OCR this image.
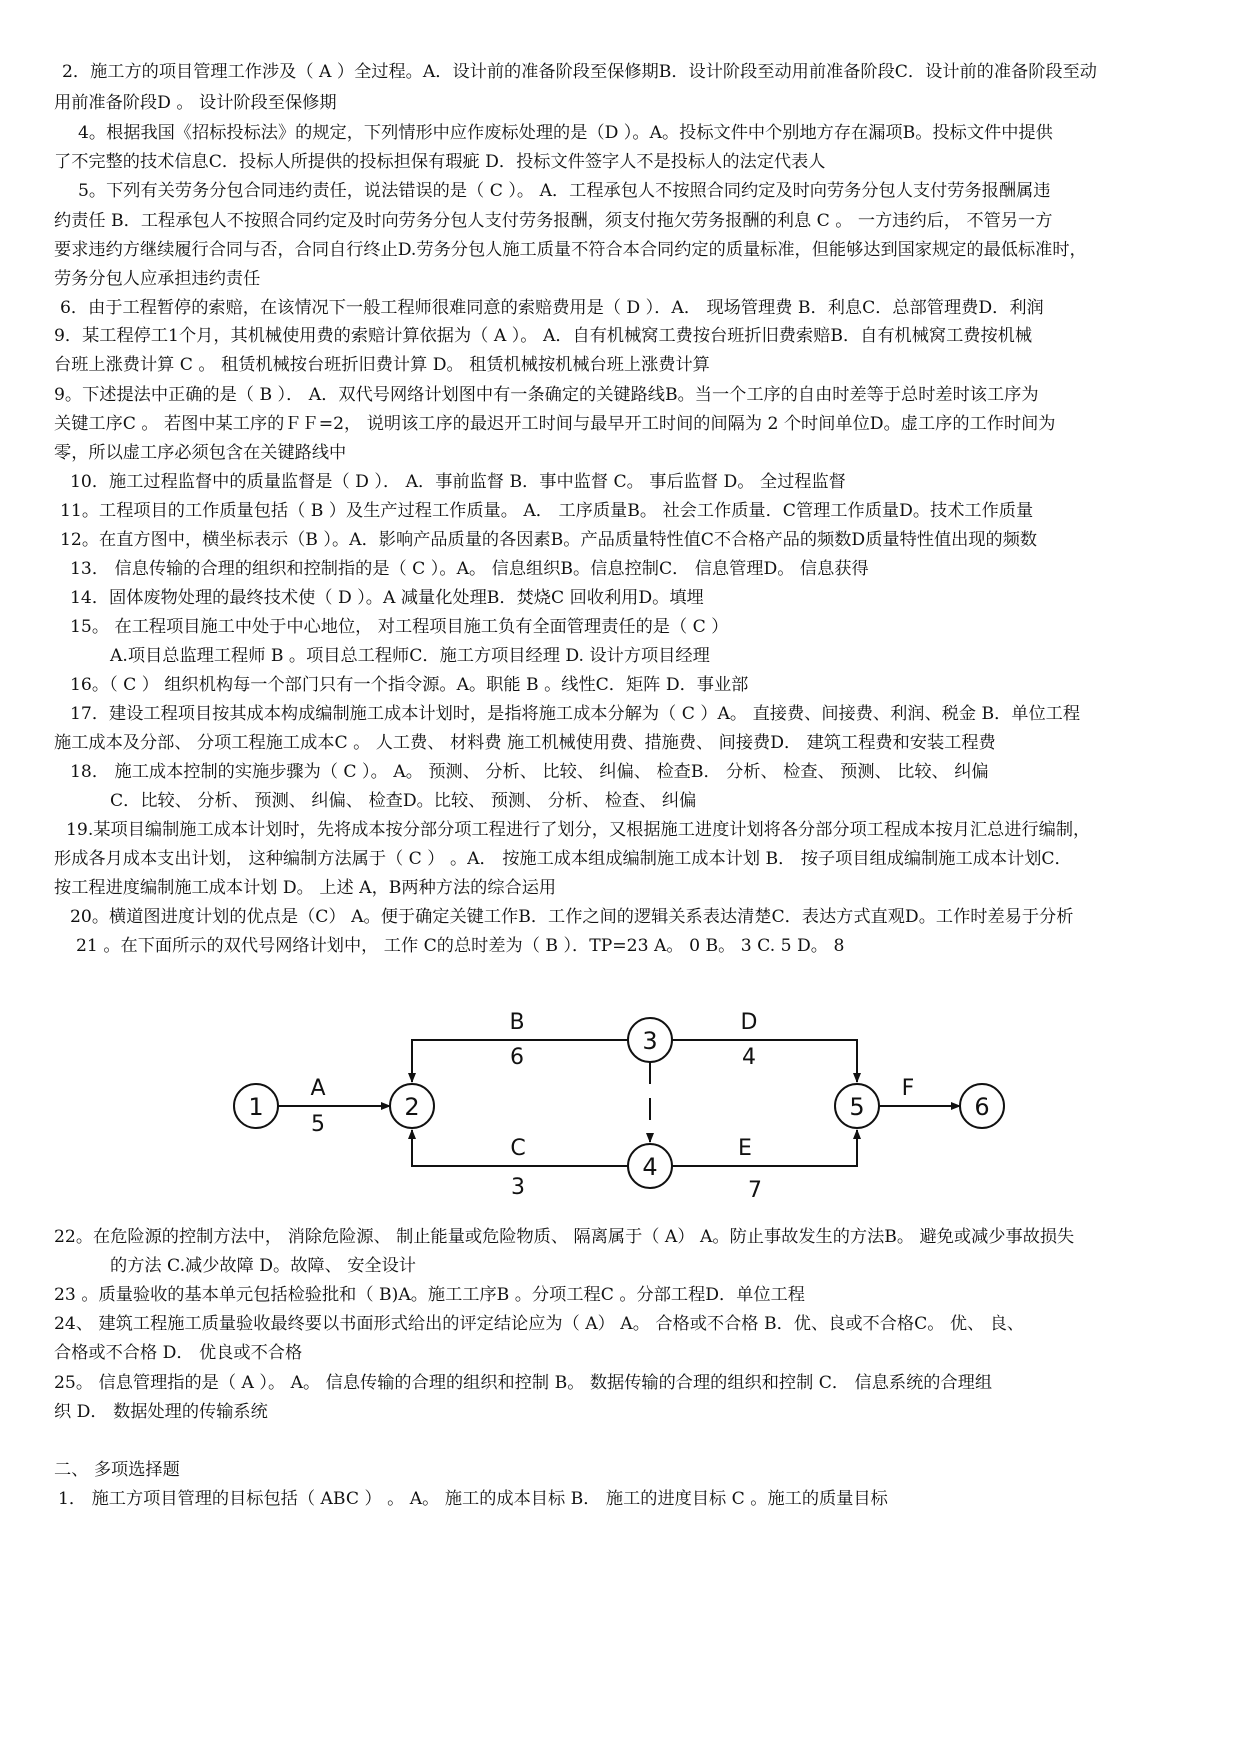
2．施工方的项目管理工作涉及（ A ）全过程。A．设计前的准备阶段至保修期B．设计阶段至动用前准备阶段C．设计前的准备阶段至动
用前准备阶段D 。 设计阶段至保修期
4。根据我国《招标投标法》的规定，下列情形中应作废标处理的是（D ）。A。投标文件中个别地方存在漏项B。投标文件中提供
了不完整的技术信息C．投标人所提供的投标担保有瑕疵 D．投标文件签字人不是投标人的法定代表人
5。下列有关劳务分包合同违约责任，说法错误的是（ C ）。 A．工程承包人不按照合同约定及时向劳务分包人支付劳务报酬属违
约责任 B．工程承包人不按照合同约定及时向劳务分包人支付劳务报酬，须支付拖欠劳务报酬的利息 C 。 一方违约后， 不管另一方
要求违约方继续履行合同与否，合同自行终止D.劳务分包人施工质量不符合本合同约定的质量标准，但能够达到国家规定的最低标准时，
劳务分包人应承担违约责任
6．由于工程暂停的索赔，在该情况下一般工程师很难同意的索赔费用是（ D ）．A． 现场管理费 B．利息C．总部管理费D．利润
9．某工程停工1个月，其机械使用费的索赔计算依据为（ A ）。 A．自有机械窝工费按台班折旧费索赔B．自有机械窝工费按机械
台班上涨费计算 C 。 租赁机械按台班折旧费计算 D。 租赁机械按机械台班上涨费计算
9。下述提法中正确的是（ B ）． A．双代号网络计划图中有一条确定的关键路线B。当一个工序的自由时差等于总时差时该工序为
关键工序C 。 若图中某工序的ＦＦ=2， 说明该工序的最迟开工时间与最早开工时间的间隔为 2 个时间单位D。虚工序的工作时间为
零，所以虚工序必须包含在关键路线中
10．施工过程监督中的质量监督是（ D ）． A．事前监督 B．事中监督 C。 事后监督 D。 全过程监督
11。工程项目的工作质量包括（ B ）及生产过程工作质量。 A． 工序质量B。 社会工作质量．C管理工作质量D。技术工作质量
12。在直方图中，横坐标表示（B ）。A．影响产品质量的各因素B。产品质量特性值C不合格产品的频数D质量特性值出现的频数
13． 信息传输的合理的组织和控制指的是（ C ）。A。 信息组织B。信息控制C． 信息管理D。 信息获得
14．固体废物处理的最终技术使（ D ）。A 减量化处理B．焚烧C 回收利用D。填埋
15。 在工程项目施工中处于中心地位， 对工程项目施工负有全面管理责任的是（ C ）
A.项目总监理工程师 B 。项目总工程师C．施工方项目经理 D. 设计方项目经理
16。（ C ） 组织机构每一个部门只有一个指令源。A。职能 B 。线性C．矩阵 D．事业部
17．建设工程项目按其成本构成编制施工成本计划时，是指将施工成本分解为（ C ）A。 直接费、间接费、利润、税金 B．单位工程
施工成本及分部、 分项工程施工成本C 。 人工费、 材料费 施工机械使用费、措施费、 间接费D． 建筑工程费和安装工程费
18． 施工成本控制的实施步骤为（ C ）。 A。 预测、 分析、 比较、 纠偏、 检查B． 分析、 检查、 预测、 比较、 纠偏
C．比较、 分析、 预测、 纠偏、 检查D。比较、 预测、 分析、 检查、 纠偏
19.某项目编制施工成本计划时，先将成本按分部分项工程进行了划分，又根据施工进度计划将各分部分项工程成本按月汇总进行编制，
形成各月成本支出计划， 这种编制方法属于（ C ） 。A． 按施工成本组成编制施工成本计划 B． 按子项目组成编制施工成本计划C．
按工程进度编制施工成本计划 D。 上述 A，B两种方法的综合运用
20。横道图进度计划的优点是（C） A。便于确定关键工作B．工作之间的逻辑关系表达清楚C．表达方式直观D。工作时差易于分析
21 。在下面所示的双代号网络计划中， 工作 C的总时差为（ B ）．TP=23 A。 0 B。 3 C. 5 D。 8
1	2
3
4
5	6
A
5
B
6
C
3
D
4
E
7
F
22。在危险源的控制方法中， 消除危险源、 制止能量或危险物质、 隔离属于（ A） A。防止事故发生的方法B。 避免或减少事故损失
的方法 C.减少故障 D。故障、 安全设计
23 。质量验收的基本单元包括检验批和（ B)A。施工工序B 。分项工程C 。分部工程D．单位工程
24、 建筑工程施工质量验收最终要以书面形式给出的评定结论应为（ A） A。 合格或不合格 B．优、良或不合格C。 优、 良、
合格或不合格 D． 优良或不合格
25。 信息管理指的是（ A ）。 A。 信息传输的合理的组织和控制 B。 数据传输的合理的组织和控制 C． 信息系统的合理组
织 D． 数据处理的传输系统
二、 多项选择题
1． 施工方项目管理的目标包括（ ABC ） 。 A。 施工的成本目标 B． 施工的进度目标 C 。施工的质量目标
